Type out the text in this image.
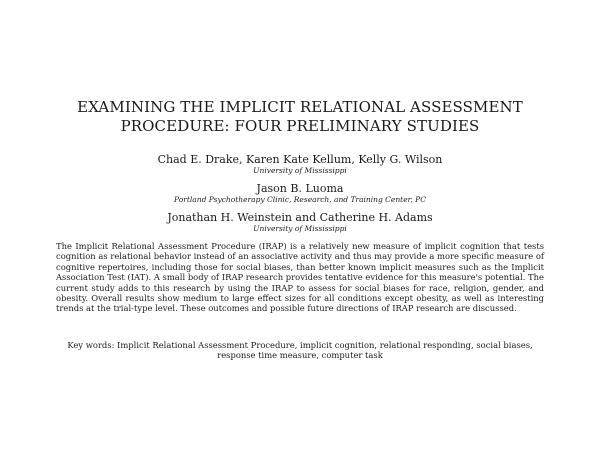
EXAMINING THE IMPLICIT RELATIONAL ASSESSMENT
PROCEDURE: FOUR PRELIMINARY STUDIES
Chad E. Drake, Karen Kate Kellum, Kelly G. Wilson
University of Mississippi
Jason B. Luoma
Portland Psychotherapy Clinic, Research, and Training Center, PC
Jonathan H. Weinstein and Catherine H. Adams
University of Mississippi
The Implicit Relational Assessment Procedure (IRAP) is a relatively new measure of implicit cognition that tests cognition as relational behavior instead of an associative activity and thus may provide a more specific measure of cognitive repertoires, including those for social biases, than better known implicit measures such as the Implicit Association Test (IAT). A small body of IRAP research provides tentative evidence for this measure's potential. The current study adds to this research by using the IRAP to assess for social biases for race, religion, gender, and obesity. Overall results show medium to large effect sizes for all conditions except obesity, as well as interesting trends at the trial-type level. These outcomes and possible future directions of IRAP research are discussed.
Key words: Implicit Relational Assessment Procedure, implicit cognition, relational responding, social biases,
response time measure, computer task
